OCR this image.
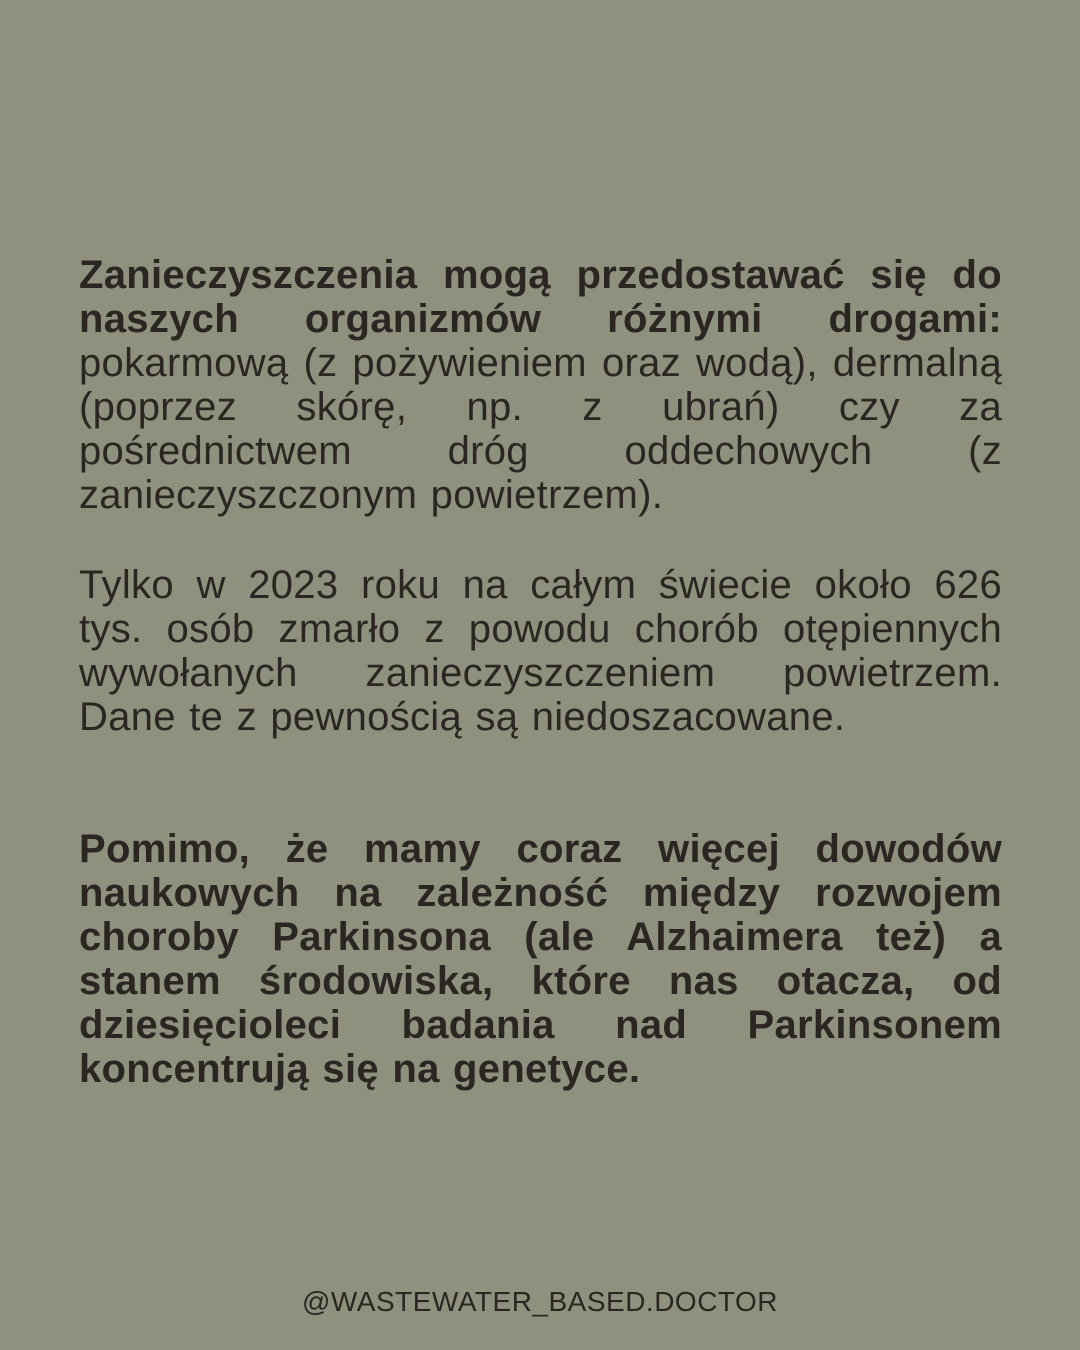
Zanieczyszczenia mogą przedostawać się do naszych organizmów różnymi drogami: pokarmową (z pożywieniem oraz wodą), dermalną (poprzez skórę, np. z ubrań) czy za pośrednictwem dróg oddechowych (z zanieczyszczonym powietrzem).

Tylko w 2023 roku na całym świecie około 626 tys. osób zmarło z powodu chorób otępiennych wywołanych zanieczyszczeniem powietrzem. Dane te z pewnością są niedoszacowane.

Pomimo, że mamy coraz więcej dowodów naukowych na zależność między rozwojem choroby Parkinsona (ale Alzhaimera też) a stanem środowiska, które nas otacza, od dziesięcioleci badania nad Parkinsonem koncentrują się na genetyce.

@WASTEWATER_BASED.DOCTOR
